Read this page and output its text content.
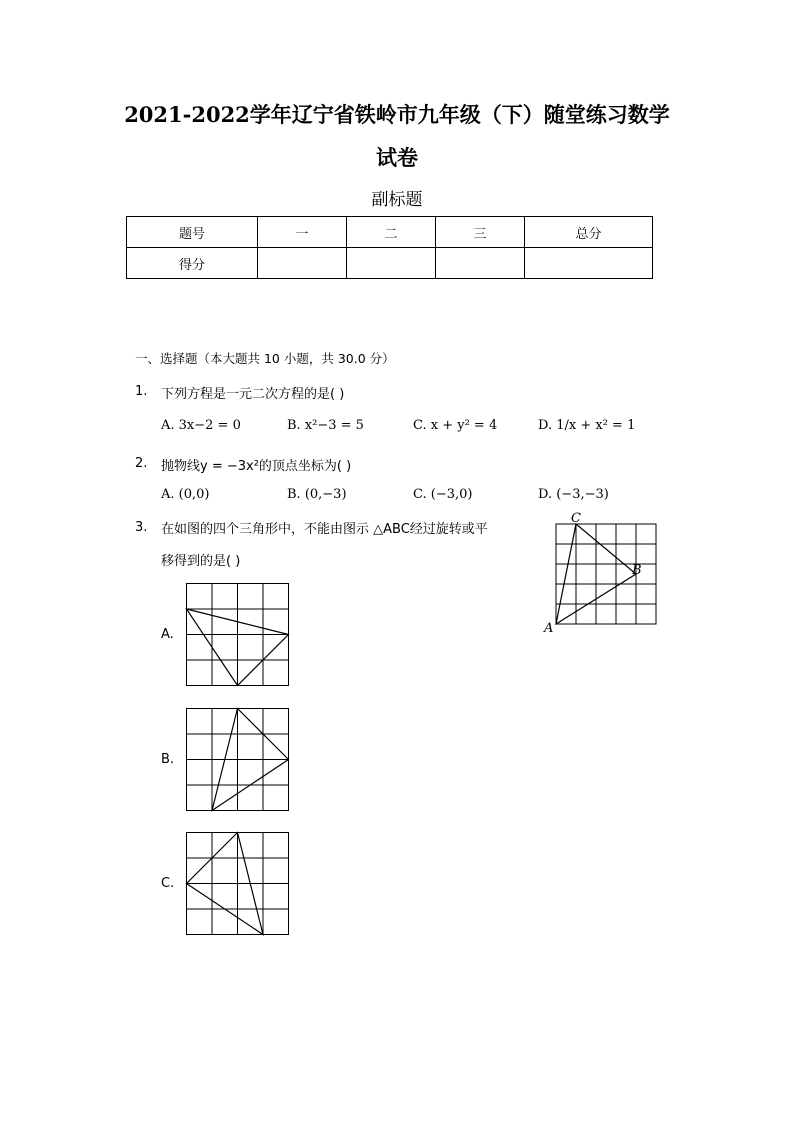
2021-2022学年辽宁省铁岭市九年级（下）随堂练习数学
试卷
副标题
题号	一	二	三	总分
得分				
一、选择题（本大题共 10 小题，共 30.0 分）
1. 下列方程是一元二次方程的是( )
A. 3x−2 = 0	B. x²−3 = 5	C. x + y² = 4	D. 1/x + x² = 1
2. 抛物线y = −3x²的顶点坐标为( )
A. (0,0)	B. (0,−3)	C. (−3,0)	D. (−3,−3)
3. 在如图的四个三角形中，不能由图示 △ABC经过旋转或平
移得到的是( )
A
B
C
A.
B.
C.
